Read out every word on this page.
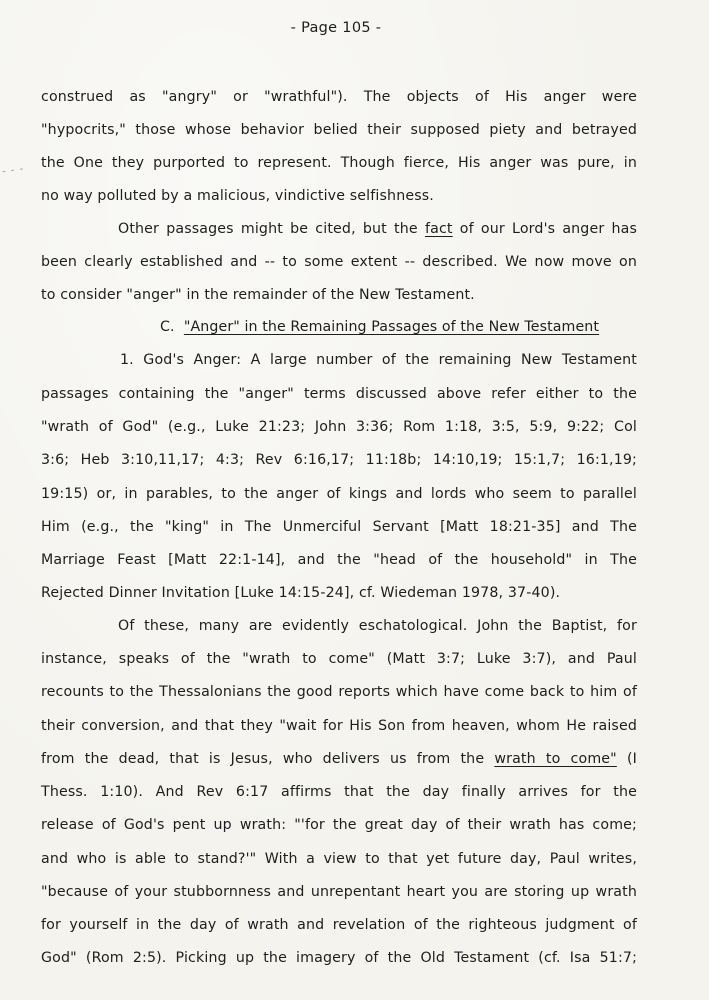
- Page 105 -
- - -
construed as "angry" or "wrathful"). The objects of His anger were
"hypocrits," those whose behavior belied their supposed piety and betrayed
the One they purported to represent. Though fierce, His anger was pure, in
no way polluted by a malicious, vindictive selfishness.
Other passages might be cited, but the fact of our Lord's anger has
been clearly established and -- to some extent -- described. We now move on
to consider "anger" in the remainder of the New Testament.
C. "Anger" in the Remaining Passages of the New Testament
1. God's Anger: A large number of the remaining New Testament
passages containing the "anger" terms discussed above refer either to the
"wrath of God" (e.g., Luke 21:23; John 3:36; Rom 1:18, 3:5, 5:9, 9:22; Col
3:6; Heb 3:10,11,17; 4:3; Rev 6:16,17; 11:18b; 14:10,19; 15:1,7; 16:1,19;
19:15) or, in parables, to the anger of kings and lords who seem to parallel
Him (e.g., the "king" in The Unmerciful Servant [Matt 18:21-35] and The
Marriage Feast [Matt 22:1-14], and the "head of the household" in The
Rejected Dinner Invitation [Luke 14:15-24], cf. Wiedeman 1978, 37-40).
Of these, many are evidently eschatological. John the Baptist, for
instance, speaks of the "wrath to come" (Matt 3:7; Luke 3:7), and Paul
recounts to the Thessalonians the good reports which have come back to him of
their conversion, and that they "wait for His Son from heaven, whom He raised
from the dead, that is Jesus, who delivers us from the wrath to come" (I
Thess. 1:10). And Rev 6:17 affirms that the day finally arrives for the
release of God's pent up wrath: "'for the great day of their wrath has come;
and who is able to stand?'" With a view to that yet future day, Paul writes,
"because of your stubbornness and unrepentant heart you are storing up wrath
for yourself in the day of wrath and revelation of the righteous judgment of
God" (Rom 2:5). Picking up the imagery of the Old Testament (cf. Isa 51:7;
